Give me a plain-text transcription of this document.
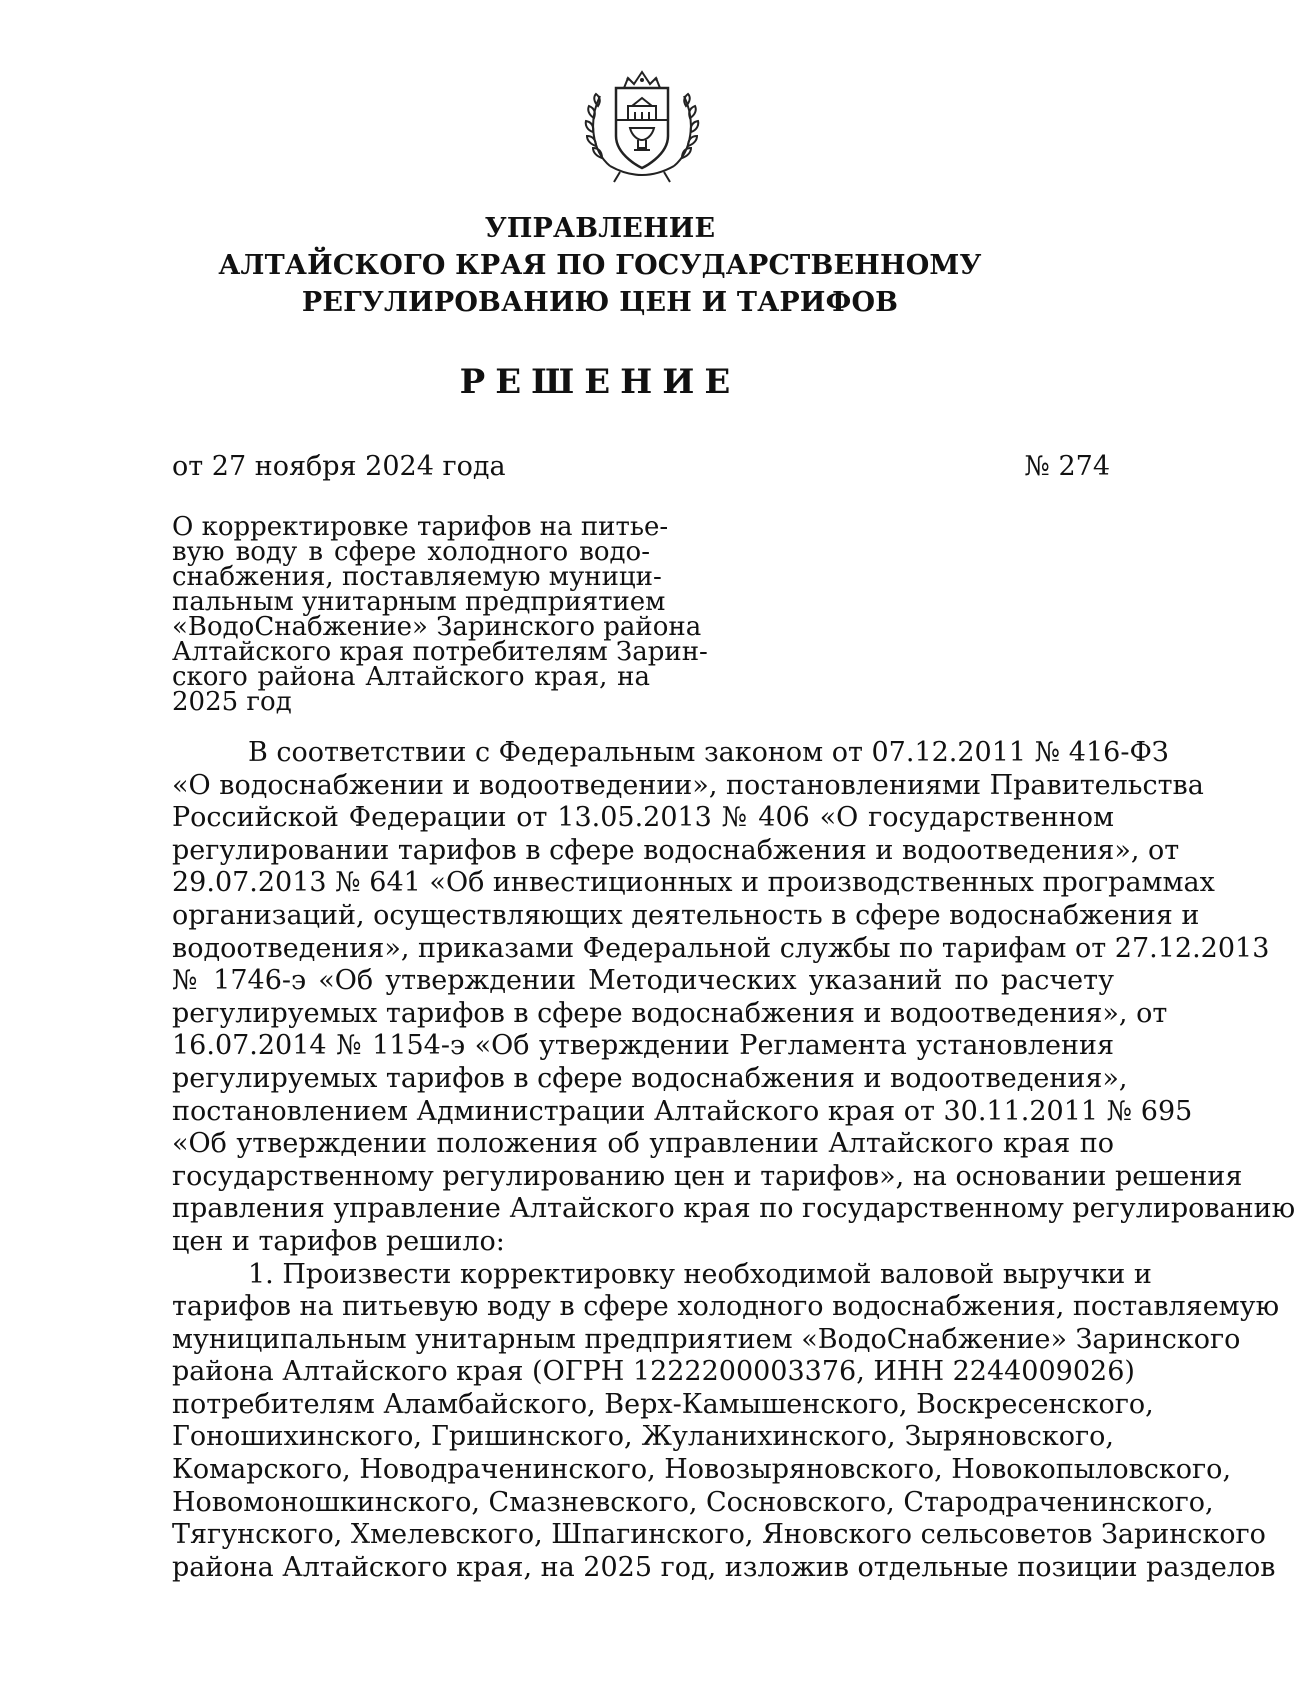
УПРАВЛЕНИЕ
АЛТАЙСКОГО КРАЯ ПО ГОСУДАРСТВЕННОМУ
РЕГУЛИРОВАНИЮ ЦЕН И ТАРИФОВ
РЕШЕНИЕ
от 27 ноября 2024 года	№ 274
О корректировке тарифов на питье-
вую воду в сфере холодного водо-
снабжения, поставляемую муници-
пальным унитарным предприятием
«ВодоСнабжение» Заринского района
Алтайского края потребителям Зарин-
ского района Алтайского края, на
2025 год
В соответствии с Федеральным законом от 07.12.2011 № 416-ФЗ
«О водоснабжении и водоотведении», постановлениями Правительства
Российской Федерации от 13.05.2013 № 406 «О государственном
регулировании тарифов в сфере водоснабжения и водоотведения», от
29.07.2013 № 641 «Об инвестиционных и производственных программах
организаций, осуществляющих деятельность в сфере водоснабжения и
водоотведения», приказами Федеральной службы по тарифам от 27.12.2013
№ 1746-э «Об утверждении Методических указаний по расчету
регулируемых тарифов в сфере водоснабжения и водоотведения», от
16.07.2014 № 1154-э «Об утверждении Регламента установления
регулируемых тарифов в сфере водоснабжения и водоотведения»,
постановлением Администрации Алтайского края от 30.11.2011 № 695
«Об утверждении положения об управлении Алтайского края по
государственному регулированию цен и тарифов», на основании решения
правления управление Алтайского края по государственному регулированию
цен и тарифов решило:
1. Произвести корректировку необходимой валовой выручки и
тарифов на питьевую воду в сфере холодного водоснабжения, поставляемую
муниципальным унитарным предприятием «ВодоСнабжение» Заринского
района Алтайского края (ОГРН 1222200003376, ИНН 2244009026)
потребителям Аламбайского, Верх-Камышенского, Воскресенского,
Гоношихинского, Гришинского, Жуланихинского, Зыряновского,
Комарского, Новодраченинского, Новозыряновского, Новокопыловского,
Новомоношкинского, Смазневского, Сосновского, Стародраченинского,
Тягунского, Хмелевского, Шпагинского, Яновского сельсоветов Заринского
района Алтайского края, на 2025 год, изложив отдельные позиции разделов
